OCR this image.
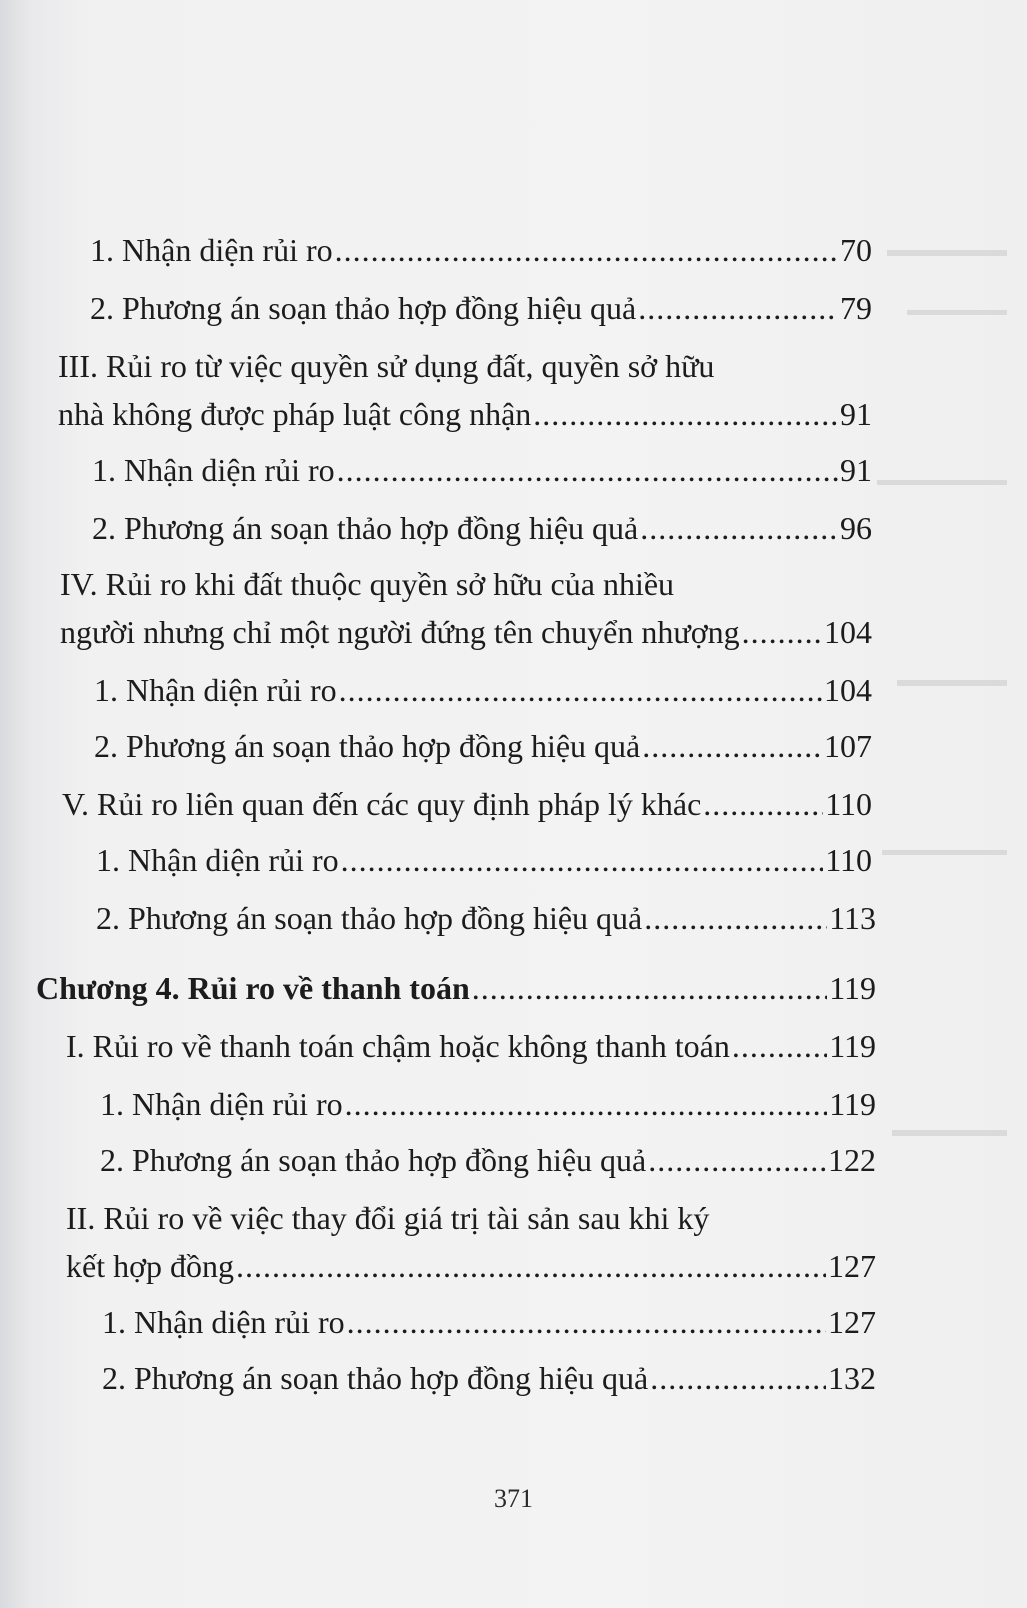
1. Nhận diện rủi ro .....	70
2. Phương án soạn thảo hợp đồng hiệu quả .....	79
III. Rủi ro từ việc quyền sử dụng đất, quyền sở hữu
nhà không được pháp luật công nhận .....	91
1. Nhận diện rủi ro .....	91
2. Phương án soạn thảo hợp đồng hiệu quả .....	96
IV. Rủi ro khi đất thuộc quyền sở hữu của nhiều
người nhưng chỉ một người đứng tên chuyển nhượng .....	104
1. Nhận diện rủi ro .....	104
2. Phương án soạn thảo hợp đồng hiệu quả .....	107
V. Rủi ro liên quan đến các quy định pháp lý khác .....	110
1. Nhận diện rủi ro .....	110
2. Phương án soạn thảo hợp đồng hiệu quả .....	113
Chương 4. Rủi ro về thanh toán .....	119
I. Rủi ro về thanh toán chậm hoặc không thanh toán .....	119
1. Nhận diện rủi ro .....	119
2. Phương án soạn thảo hợp đồng hiệu quả .....	122
II. Rủi ro về việc thay đổi giá trị tài sản sau khi ký
kết hợp đồng .....	127
1. Nhận diện rủi ro .....	127
2. Phương án soạn thảo hợp đồng hiệu quả .....	132
371
